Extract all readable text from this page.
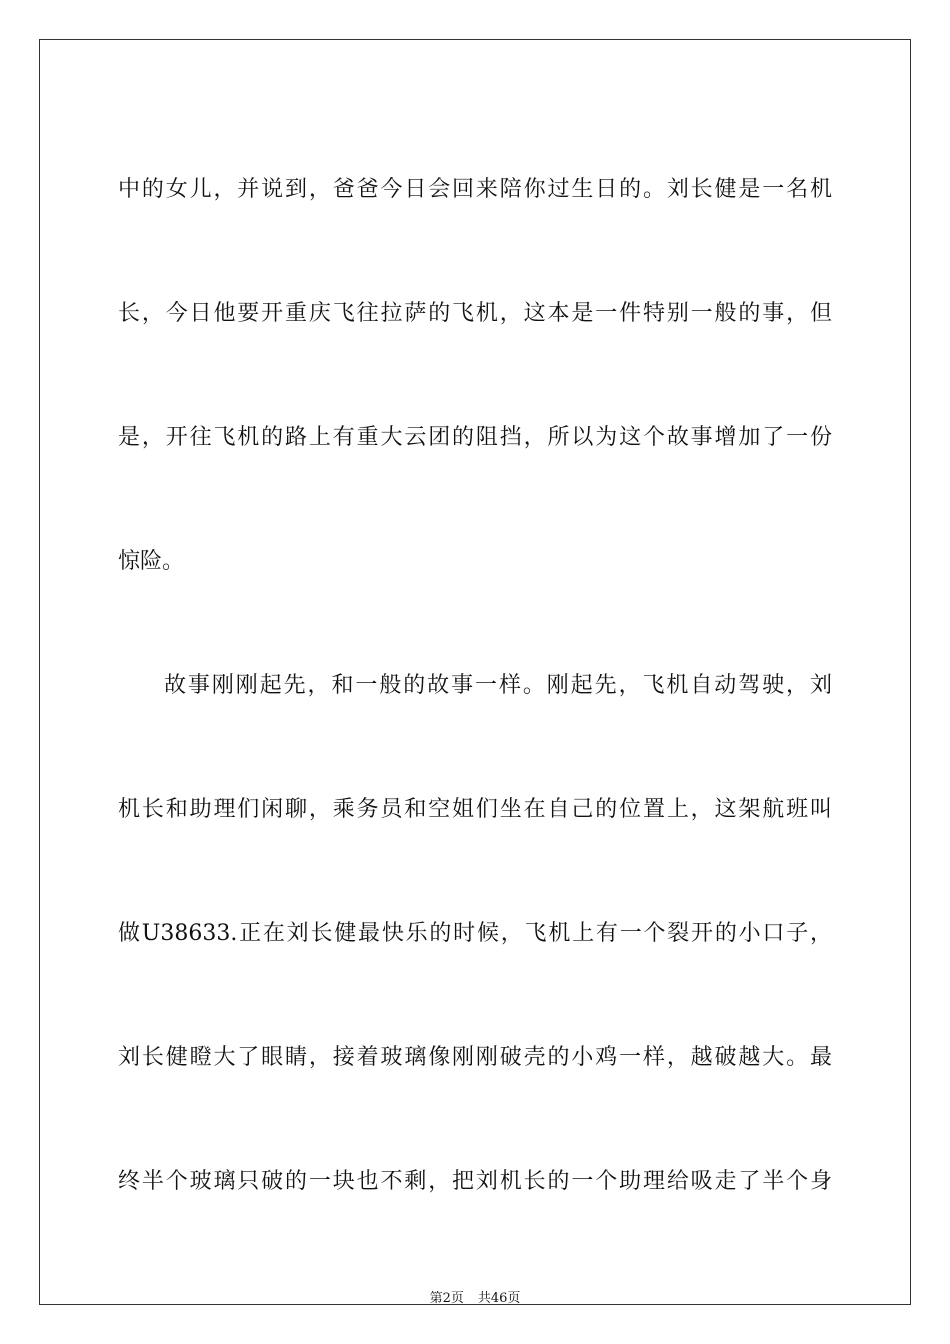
中的女儿，并说到，爸爸今日会回来陪你过生日的。刘长健是一名机
长，今日他要开重庆飞往拉萨的飞机，这本是一件特别一般的事，但
是，开往飞机的路上有重大云团的阻挡，所以为这个故事增加了一份
惊险。
故事刚刚起先，和一般的故事一样。刚起先，飞机自动驾驶，刘
机长和助理们闲聊，乘务员和空姐们坐在自己的位置上，这架航班叫
做U38633.正在刘长健最快乐的时候，飞机上有一个裂开的小口子，
刘长健瞪大了眼睛，接着玻璃像刚刚破壳的小鸡一样，越破越大。最
终半个玻璃只破的一块也不剩，把刘机长的一个助理给吸走了半个身
第2页 共46页
